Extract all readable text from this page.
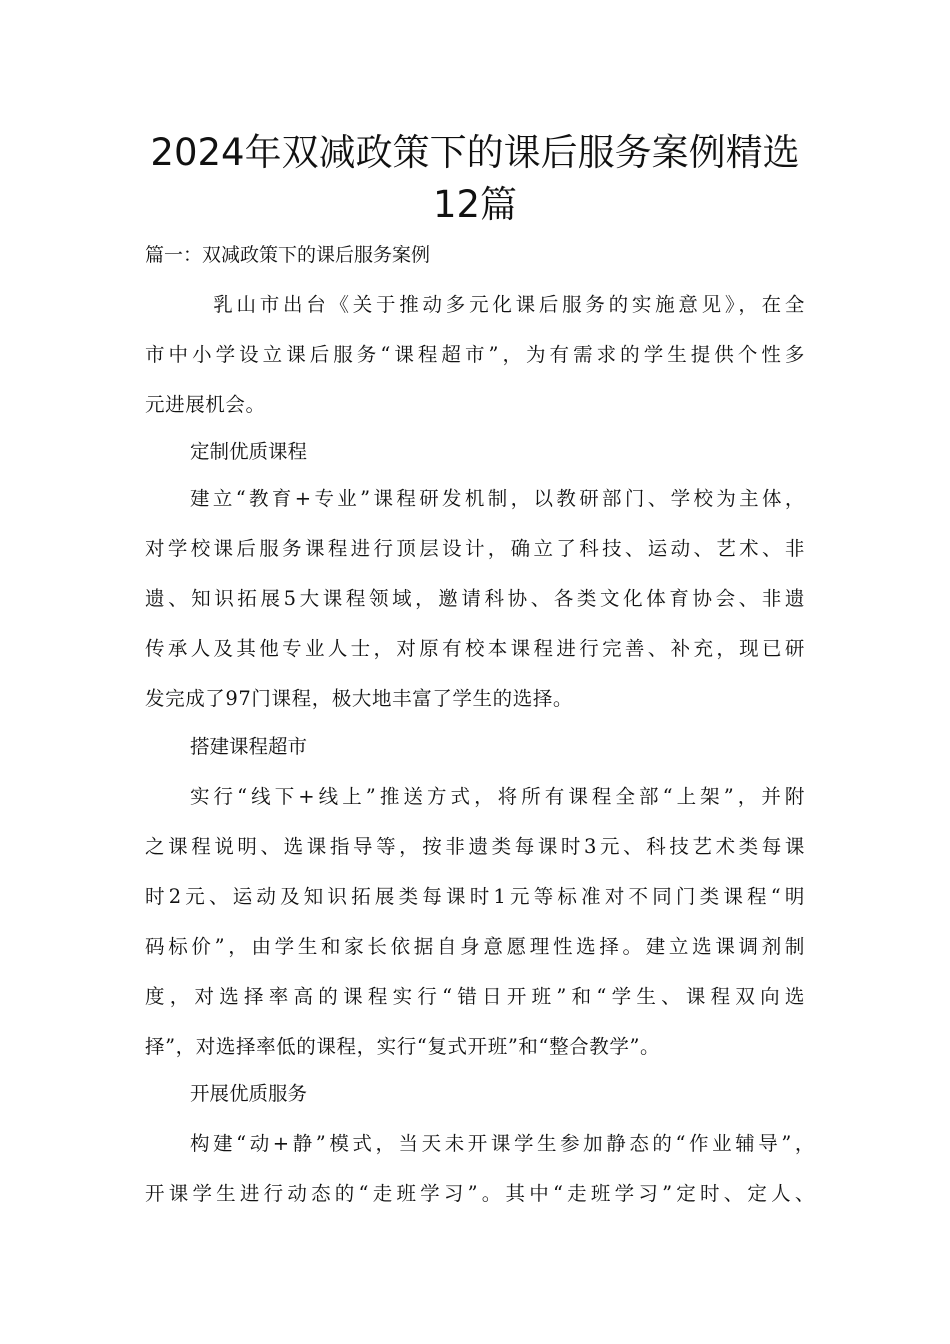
2024年双减政策下的课后服务案例精选
12篇
篇一：双减政策下的课后服务案例
　乳山市出台《关于推动多元化课后服务的实施意见》，在全
市中小学设立课后服务“课程超市”，为有需求的学生提供个性多
元进展机会。
定制优质课程
建立“教育+专业”课程研发机制，以教研部门、学校为主体，
对学校课后服务课程进行顶层设计，确立了科技、运动、艺术、非
遗、知识拓展5大课程领域，邀请科协、各类文化体育协会、非遗
传承人及其他专业人士，对原有校本课程进行完善、补充，现已研
发完成了97门课程，极大地丰富了学生的选择。
搭建课程超市
实行“线下+线上”推送方式，将所有课程全部“上架”，并附
之课程说明、选课指导等，按非遗类每课时3元、科技艺术类每课
时2元、运动及知识拓展类每课时1元等标准对不同门类课程“明
码标价”，由学生和家长依据自身意愿理性选择。建立选课调剂制
度，对选择率高的课程实行“错日开班”和“学生、课程双向选
择”，对选择率低的课程，实行“复式开班”和“整合教学”。
开展优质服务
构建“动+静”模式，当天未开课学生参加静态的“作业辅导”，
开课学生进行动态的“走班学习”。其中“走班学习”定时、定人、
